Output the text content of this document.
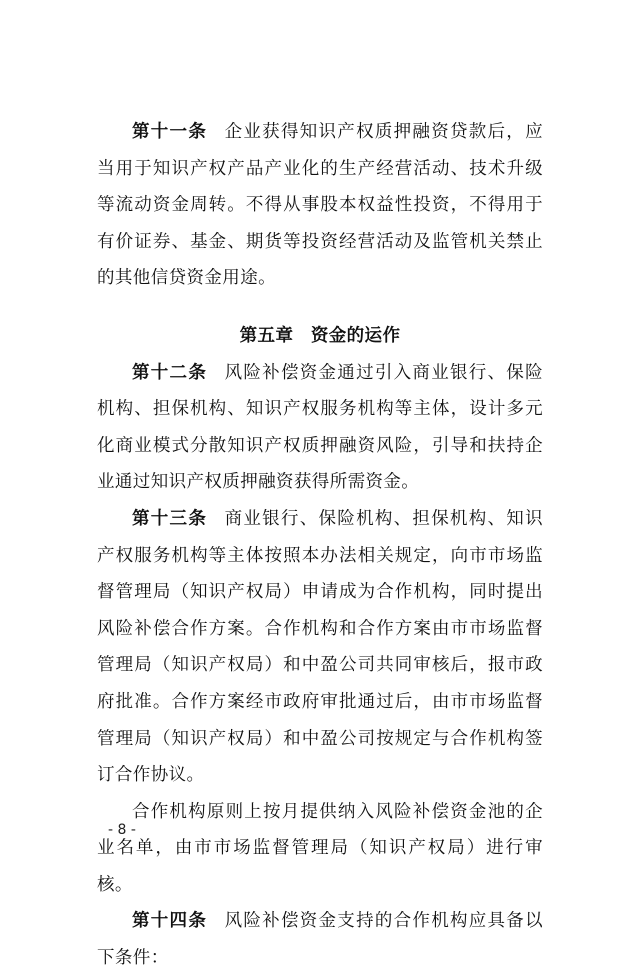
第十一条 企业获得知识产权质押融资贷款后，应当用于知识产权产品产业化的生产经营活动、技术升级等流动资金周转。不得从事股本权益性投资，不得用于有价证券、基金、期货等投资经营活动及监管机关禁止的其他信贷资金用途。

第五章 资金的运作

第十二条 风险补偿资金通过引入商业银行、保险机构、担保机构、知识产权服务机构等主体，设计多元化商业模式分散知识产权质押融资风险，引导和扶持企业通过知识产权质押融资获得所需资金。

第十三条 商业银行、保险机构、担保机构、知识产权服务机构等主体按照本办法相关规定，向市市场监督管理局（知识产权局）申请成为合作机构，同时提出风险补偿合作方案。合作机构和合作方案由市市场监督管理局（知识产权局）和中盈公司共同审核后，报市政府批准。合作方案经市政府审批通过后，由市市场监督管理局（知识产权局）和中盈公司按规定与合作机构签订合作协议。

合作机构原则上按月提供纳入风险补偿资金池的企业名单，由市市场监督管理局（知识产权局）进行审核。

第十四条 风险补偿资金支持的合作机构应具备以下条件：

- 8 -
